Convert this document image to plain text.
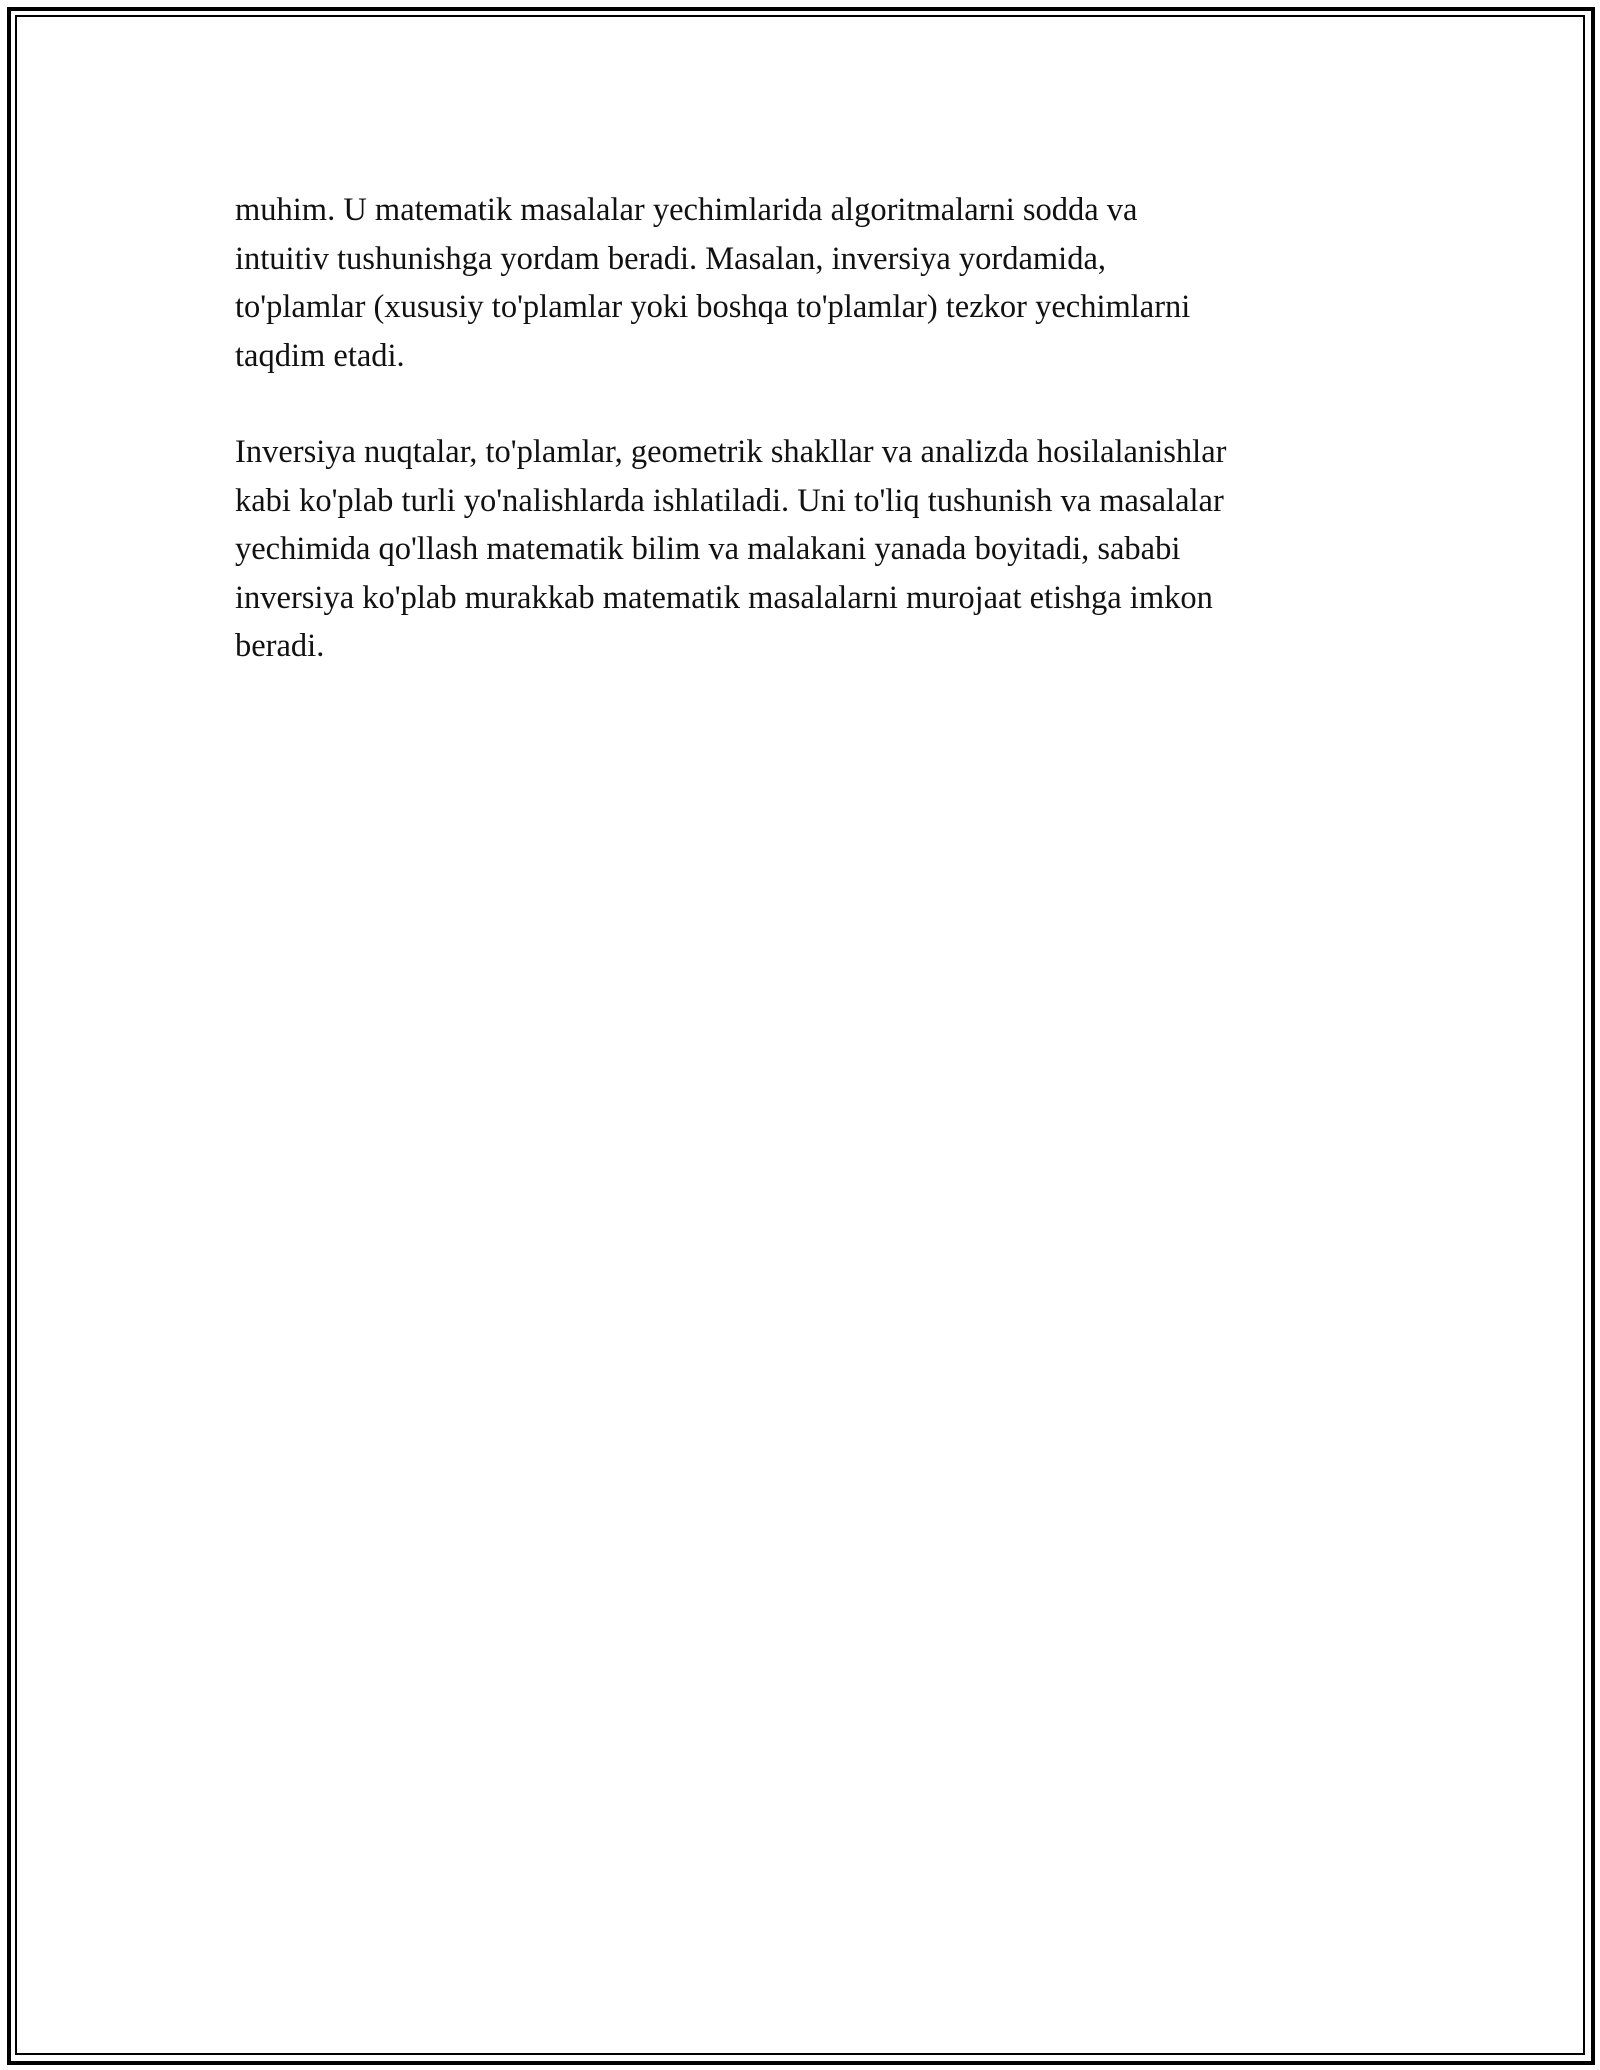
muhim. U matematik masalalar yechimlarida algoritmalarni sodda va
intuitiv tushunishga yordam beradi. Masalan, inversiya yordamida,
to'plamlar (xususiy to'plamlar yoki boshqa to'plamlar) tezkor yechimlarni
taqdim etadi.

Inversiya nuqtalar, to'plamlar, geometrik shakllar va analizda hosilalanishlar
kabi ko'plab turli yo'nalishlarda ishlatiladi. Uni to'liq tushunish va masalalar
yechimida qo'llash matematik bilim va malakani yanada boyitadi, sababi
inversiya ko'plab murakkab matematik masalalarni murojaat etishga imkon
beradi.
